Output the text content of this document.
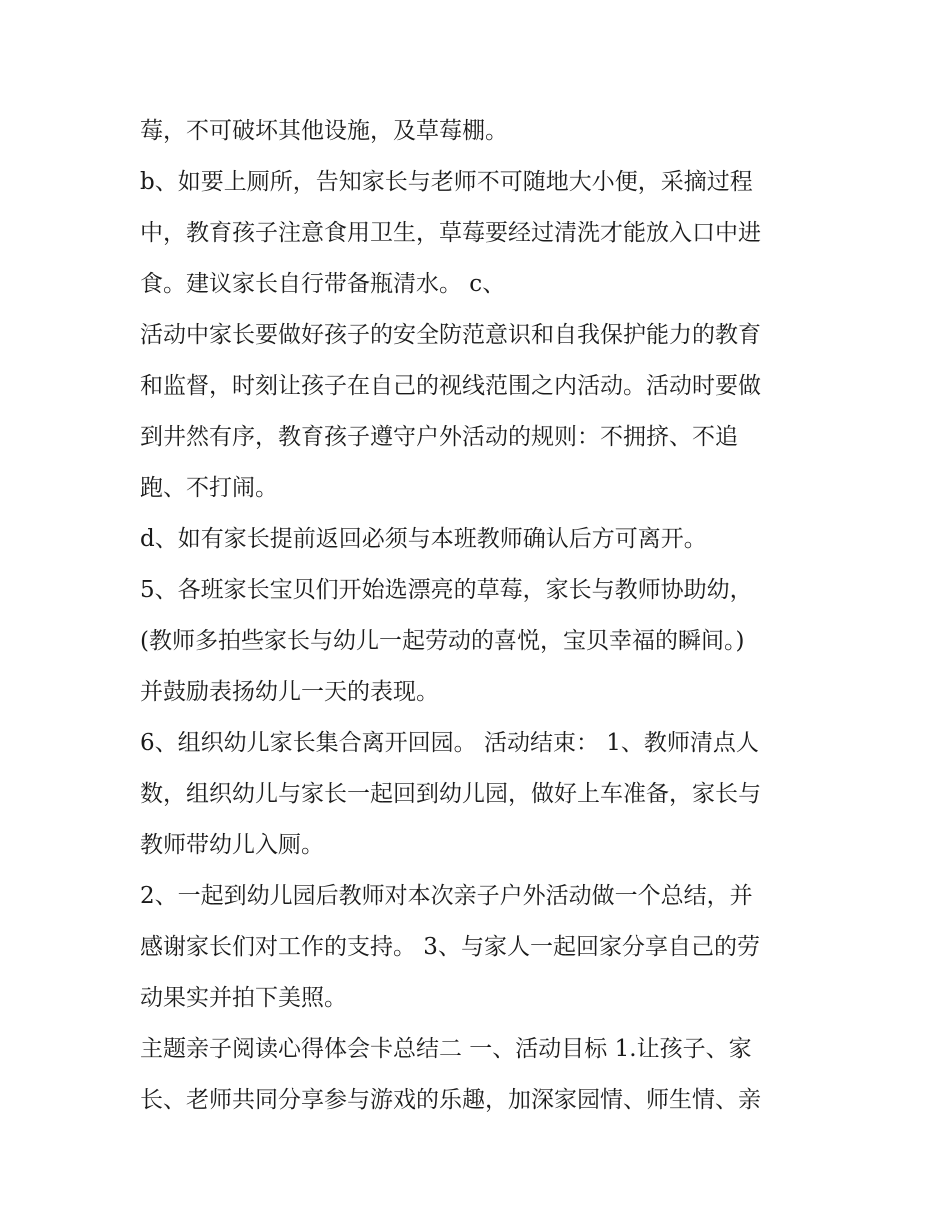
莓，不可破坏其他设施，及草莓棚。
b、如要上厕所，告知家长与老师不可随地大小便，采摘过程
中，教育孩子注意食用卫生，草莓要经过清洗才能放入口中进
食。建议家长自行带备瓶清水。 c、
活动中家长要做好孩子的安全防范意识和自我保护能力的教育
和监督，时刻让孩子在自己的视线范围之内活动。活动时要做
到井然有序，教育孩子遵守户外活动的规则：不拥挤、不追
跑、不打闹。
d、如有家长提前返回必须与本班教师确认后方可离开。
5、各班家长宝贝们开始选漂亮的草莓，家长与教师协助幼，
(教师多拍些家长与幼儿一起劳动的喜悦，宝贝幸福的瞬间。)
并鼓励表扬幼儿一天的表现。
6、组织幼儿家长集合离开回园。 活动结束： 1、教师清点人
数，组织幼儿与家长一起回到幼儿园，做好上车准备，家长与
教师带幼儿入厕。
2、一起到幼儿园后教师对本次亲子户外活动做一个总结，并
感谢家长们对工作的支持。 3、与家人一起回家分享自己的劳
动果实并拍下美照。
主题亲子阅读心得体会卡总结二 一、活动目标 1.让孩子、家
长、老师共同分享参与游戏的乐趣，加深家园情、师生情、亲
